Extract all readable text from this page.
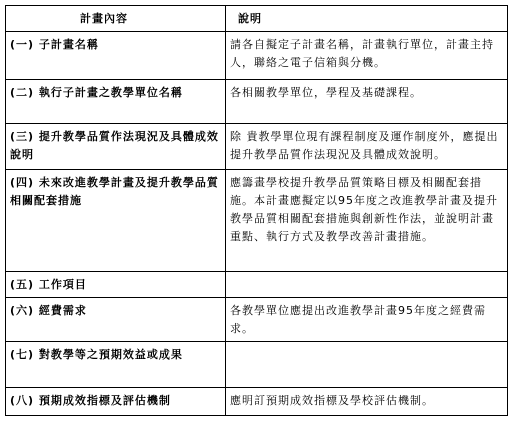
計畫內容	說明
(一) 子計畫名稱	請各自擬定子計畫名稱，計畫執行單位，計畫主持人，聯絡之電子信箱與分機。
(二) 執行子計畫之教學單位名稱	各相關教學單位，學程及基礎課程。
(三) 提升教學品質作法現況及具體成效說明	除 貴教學單位現有課程制度及運作制度外，應提出提升教學品質作法現況及具體成效說明。
(四) 未來改進教學計畫及提升教學品質相關配套措施	應籌畫學校提升教學品質策略目標及相關配套措施。本計畫應擬定以95年度之改進教學計畫及提升教學品質相關配套措施與創新性作法，並說明計畫重點、執行方式及教學改善計畫措施。
(五) 工作項目	
(六) 經費需求	各教學單位應提出改進教學計畫95年度之經費需求。
(七) 對教學等之預期效益或成果	
(八) 預期成效指標及評估機制	應明訂預期成效指標及學校評估機制。
